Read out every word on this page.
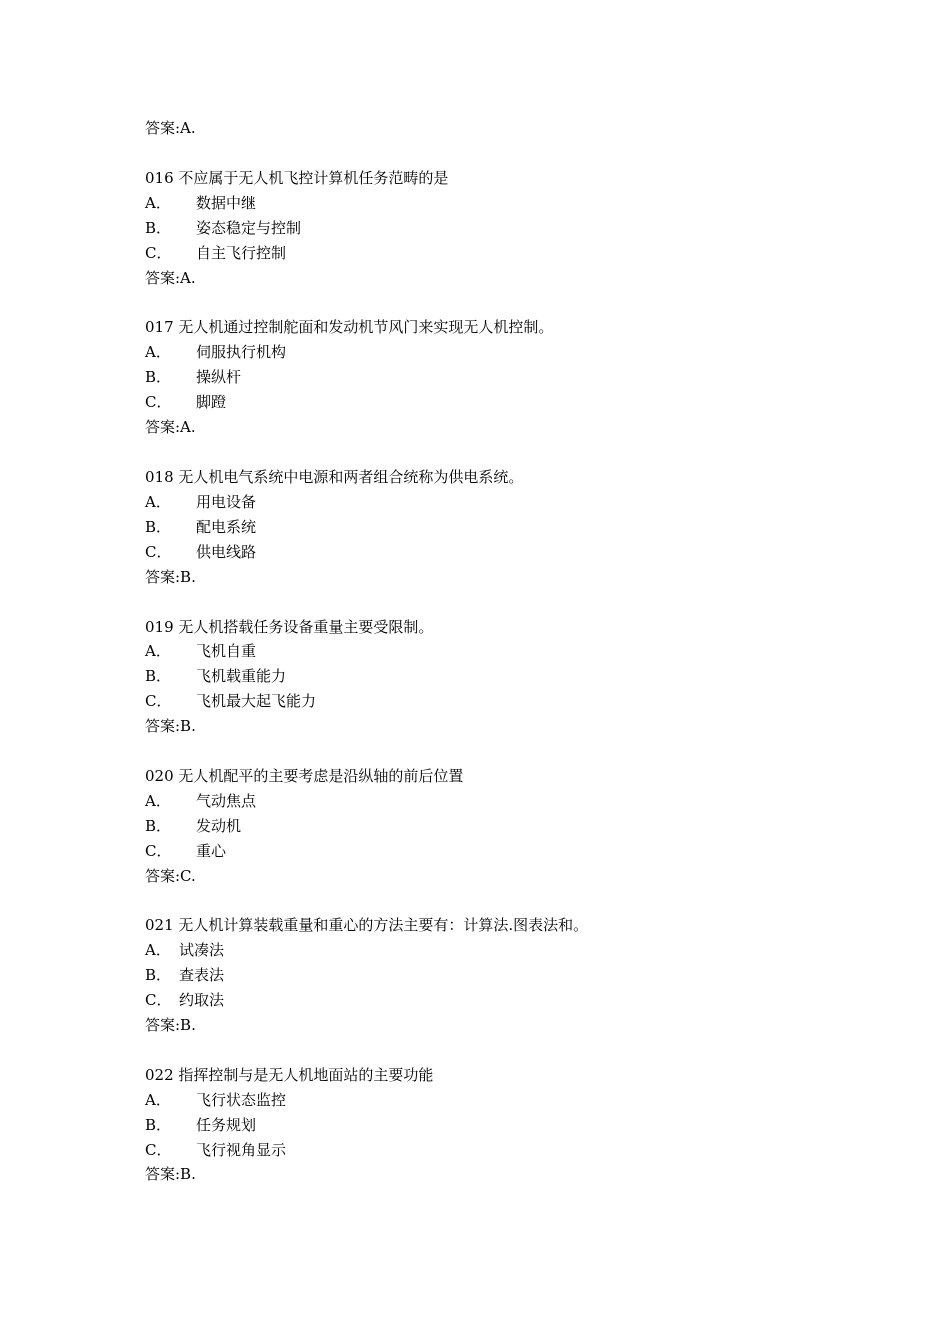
答案:A.
016 不应属于无人机飞控计算机任务范畴的是
A． 数据中继
B． 姿态稳定与控制
C． 自主飞行控制
答案:A.
017 无人机通过控制舵面和发动机节风门来实现无人机控制。
A． 伺服执行机构
B． 操纵杆
C． 脚蹬
答案:A.
018 无人机电气系统中电源和两者组合统称为供电系统。
A． 用电设备
B． 配电系统
C． 供电线路
答案:B.
019 无人机搭载任务设备重量主要受限制。
A． 飞机自重
B． 飞机载重能力
C． 飞机最大起飞能力
答案:B.
020 无人机配平的主要考虑是沿纵轴的前后位置
A． 气动焦点
B． 发动机
C． 重心
答案:C.
021 无人机计算装载重量和重心的方法主要有：计算法.图表法和。
A． 试凑法
B． 查表法
C． 约取法
答案:B.
022 指挥控制与是无人机地面站的主要功能
A． 飞行状态监控
B． 任务规划
C． 飞行视角显示
答案:B.
